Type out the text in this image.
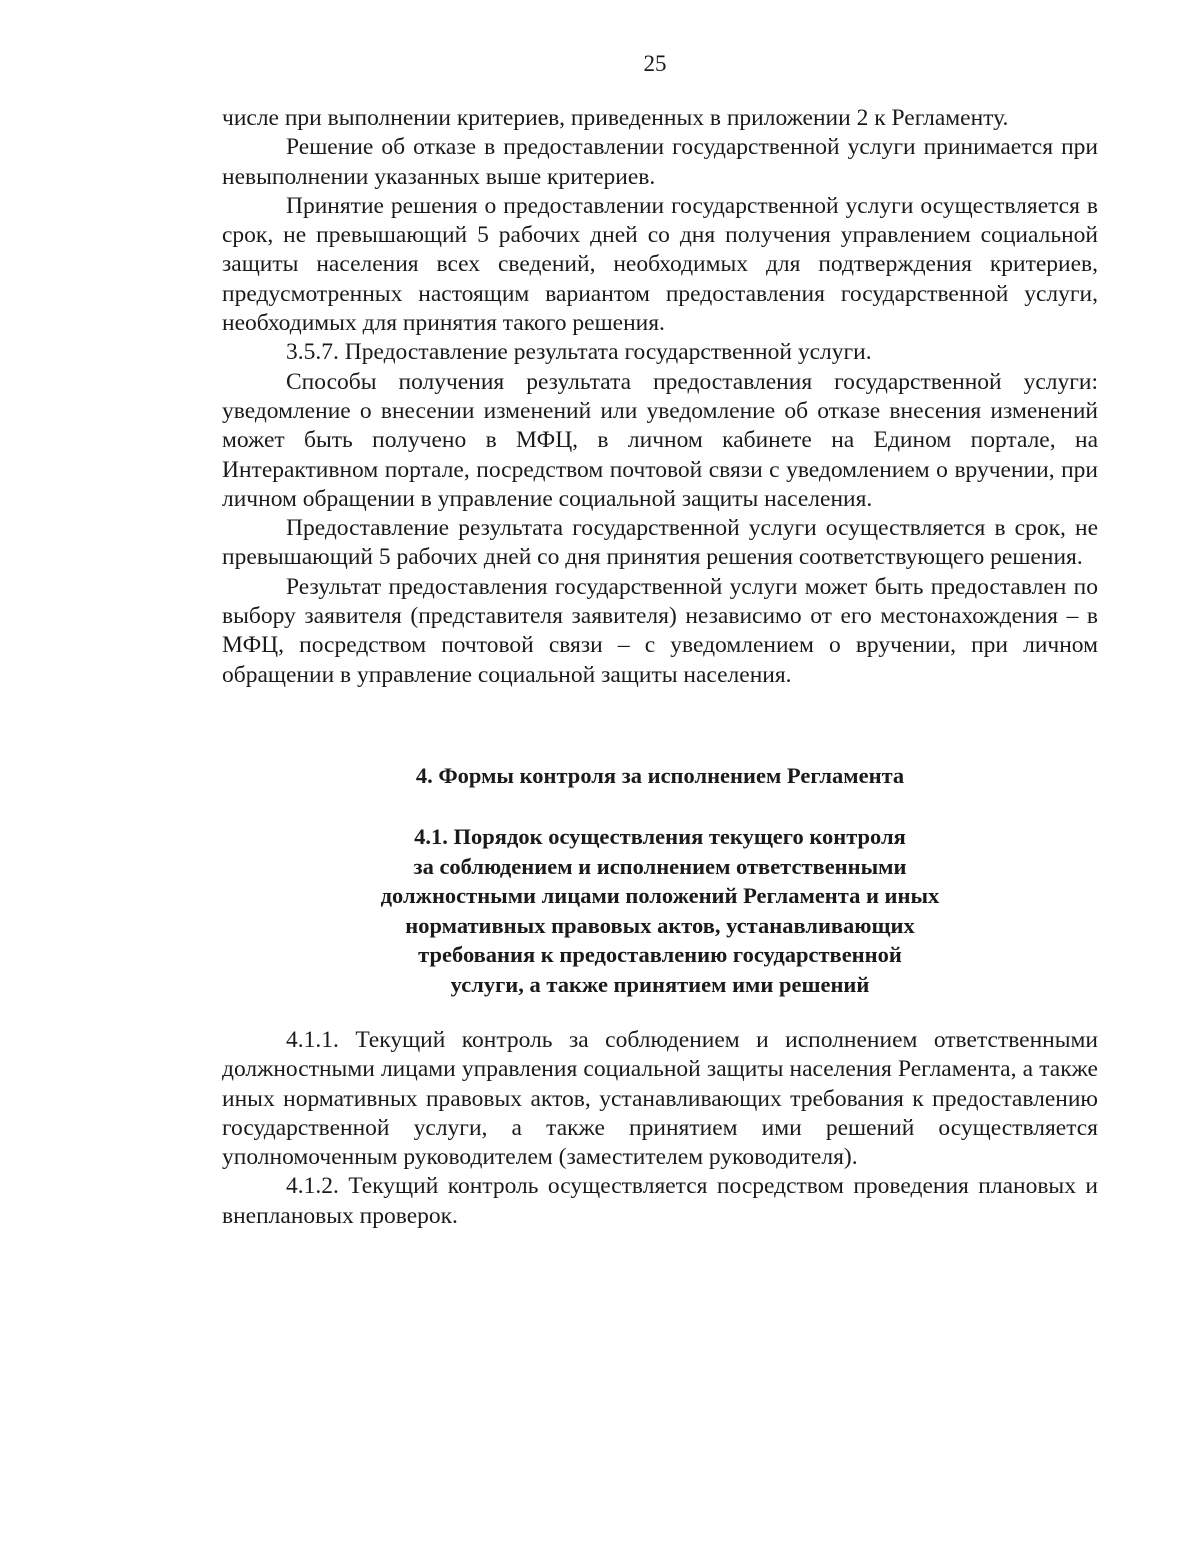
25

числе при выполнении критериев, приведенных в приложении 2 к Регламенту.

Решение об отказе в предоставлении государственной услуги принимается при невыполнении указанных выше критериев.

Принятие решения о предоставлении государственной услуги осуществляется в срок, не превышающий 5 рабочих дней со дня получения управлением социальной защиты населения всех сведений, необходимых для подтверждения критериев, предусмотренных настоящим вариантом предоставления государственной услуги, необходимых для принятия такого решения.

3.5.7. Предоставление результата государственной услуги.

Способы получения результата предоставления государственной услуги: уведомление о внесении изменений или уведомление об отказе внесения изменений может быть получено в МФЦ, в личном кабинете на Едином портале, на Интерактивном портале, посредством почтовой связи с уведомлением о вручении, при личном обращении в управление социальной защиты населения.

Предоставление результата государственной услуги осуществляется в срок, не превышающий 5 рабочих дней со дня принятия решения соответствующего решения.

Результат предоставления государственной услуги может быть предоставлен по выбору заявителя (представителя заявителя) независимо от его местонахождения – в МФЦ, посредством почтовой связи – с уведомлением о вручении, при личном обращении в управление социальной защиты населения.

4. Формы контроля за исполнением Регламента
4.1. Порядок осуществления текущего контроля
за соблюдением и исполнением ответственными
должностными лицами положений Регламента и иных
нормативных правовых актов, устанавливающих
требования к предоставлению государственной
услуги, а также принятием ими решений

4.1.1. Текущий контроль за соблюдением и исполнением ответственными должностными лицами управления социальной защиты населения Регламента, а также иных нормативных правовых актов, устанавливающих требования к предоставлению государственной услуги, а также принятием ими решений осуществляется уполномоченным руководителем (заместителем руководителя).

4.1.2. Текущий контроль осуществляется посредством проведения плановых и внеплановых проверок.
